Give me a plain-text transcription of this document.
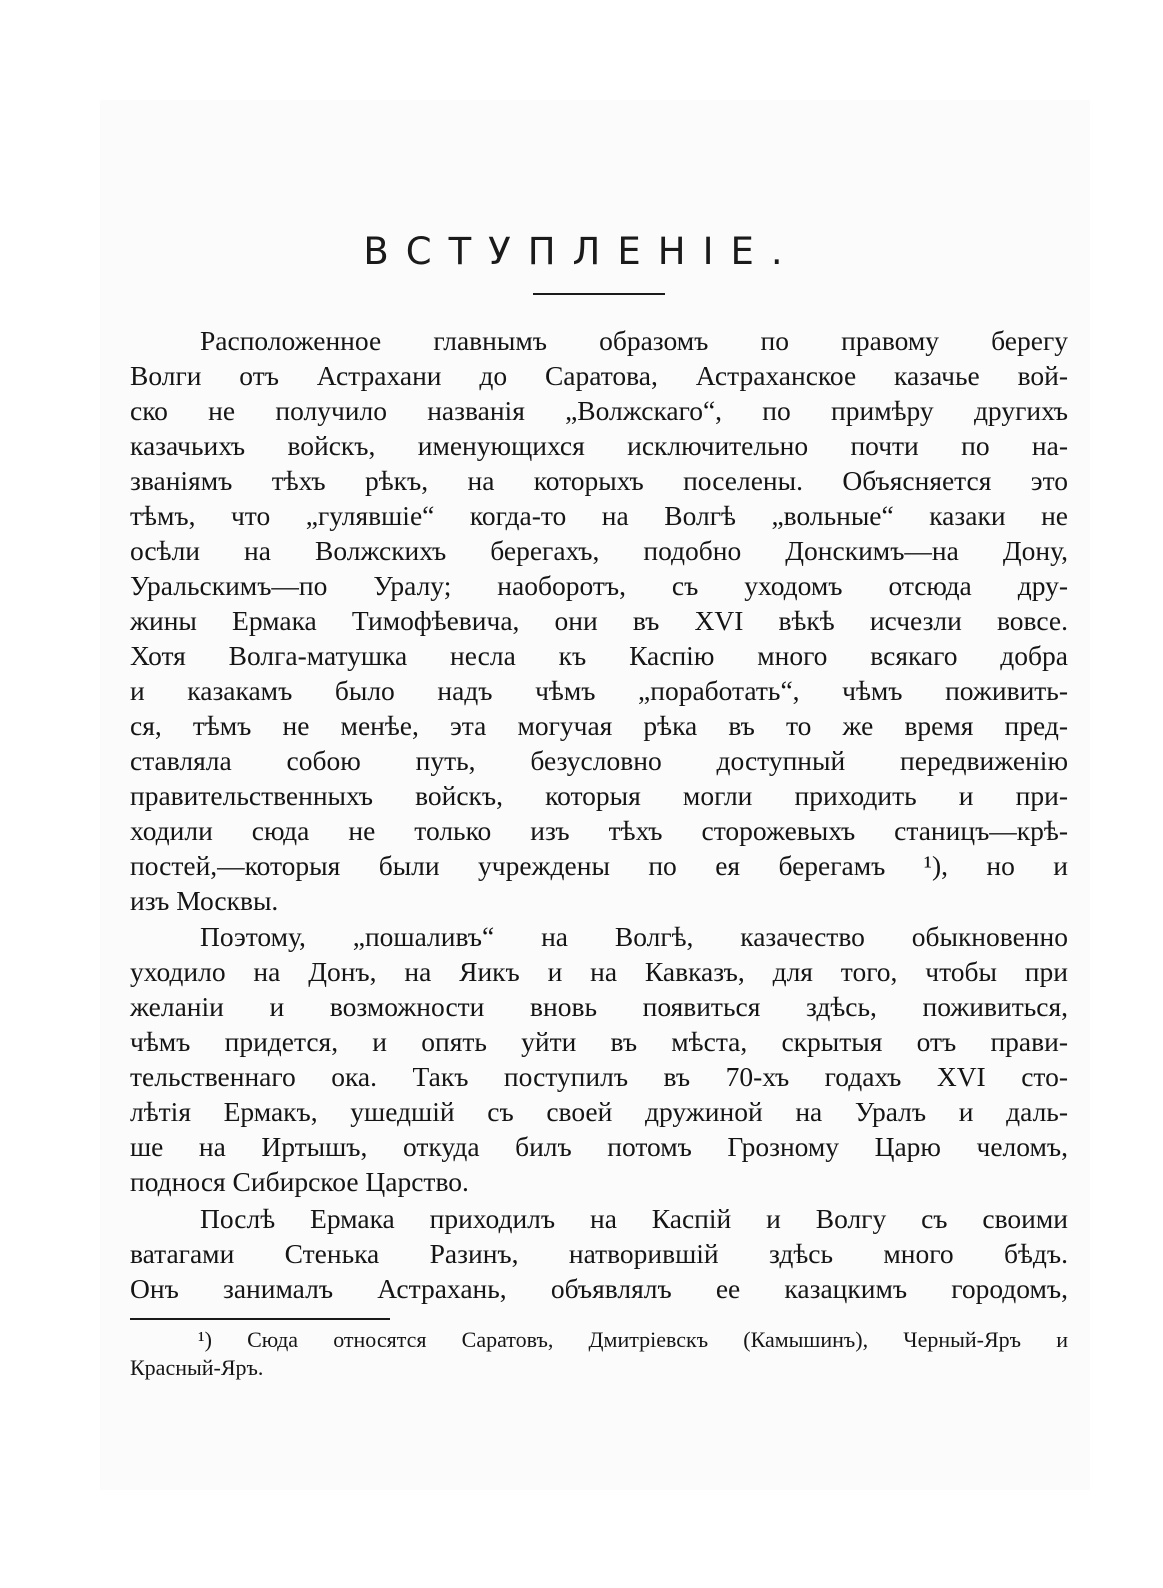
ВСТУПЛЕНІЕ.
Расположенное главнымъ образомъ по правому берегу
Волги отъ Астрахани до Саратова, Астраханское казачье вой-
ско не получило названія „Волжскаго“, по примѣру другихъ
казачьихъ войскъ, именующихся исключительно почти по на-
званіямъ тѣхъ рѣкъ, на которыхъ поселены. Объясняется это
тѣмъ, что „гулявшіе“ когда-то на Волгѣ „вольные“ казаки не
осѣли на Волжскихъ берегахъ, подобно Донскимъ—на Дону,
Уральскимъ—по Уралу; наоборотъ, съ уходомъ отсюда дру-
жины Ермака Тимофѣевича, они въ XVI вѣкѣ исчезли вовсе.
Хотя Волга-матушка несла къ Каспію много всякаго добра
и казакамъ было надъ чѣмъ „поработать“, чѣмъ поживить-
ся, тѣмъ не менѣе, эта могучая рѣка въ то же время пред-
ставляла собою путь, безусловно доступный передвиженію
правительственныхъ войскъ, которыя могли приходить и при-
ходили сюда не только изъ тѣхъ сторожевыхъ станицъ—крѣ-
постей,—которыя были учреждены по ея берегамъ ¹), но и
изъ Москвы.
Поэтому, „пошаливъ“ на Волгѣ, казачество обыкновенно
уходило на Донъ, на Яикъ и на Кавказъ, для того, чтобы при
желаніи и возможности вновь появиться здѣсь, поживиться,
чѣмъ придется, и опять уйти въ мѣста, скрытыя отъ прави-
тельственнаго ока. Такъ поступилъ въ 70-хъ годахъ XVI сто-
лѣтія Ермакъ, ушедшій съ своей дружиной на Уралъ и даль-
ше на Иртышъ, откуда билъ потомъ Грозному Царю челомъ,
поднося Сибирское Царство.
Послѣ Ермака приходилъ на Каспій и Волгу съ своими
ватагами Стенька Разинъ, натворившій здѣсь много бѣдъ.
Онъ занималъ Астрахань, объявлялъ ее казацкимъ городомъ,
¹) Сюда относятся Саратовъ, Дмитріевскъ (Камышинъ), Черный-Яръ и
Красный-Яръ.
